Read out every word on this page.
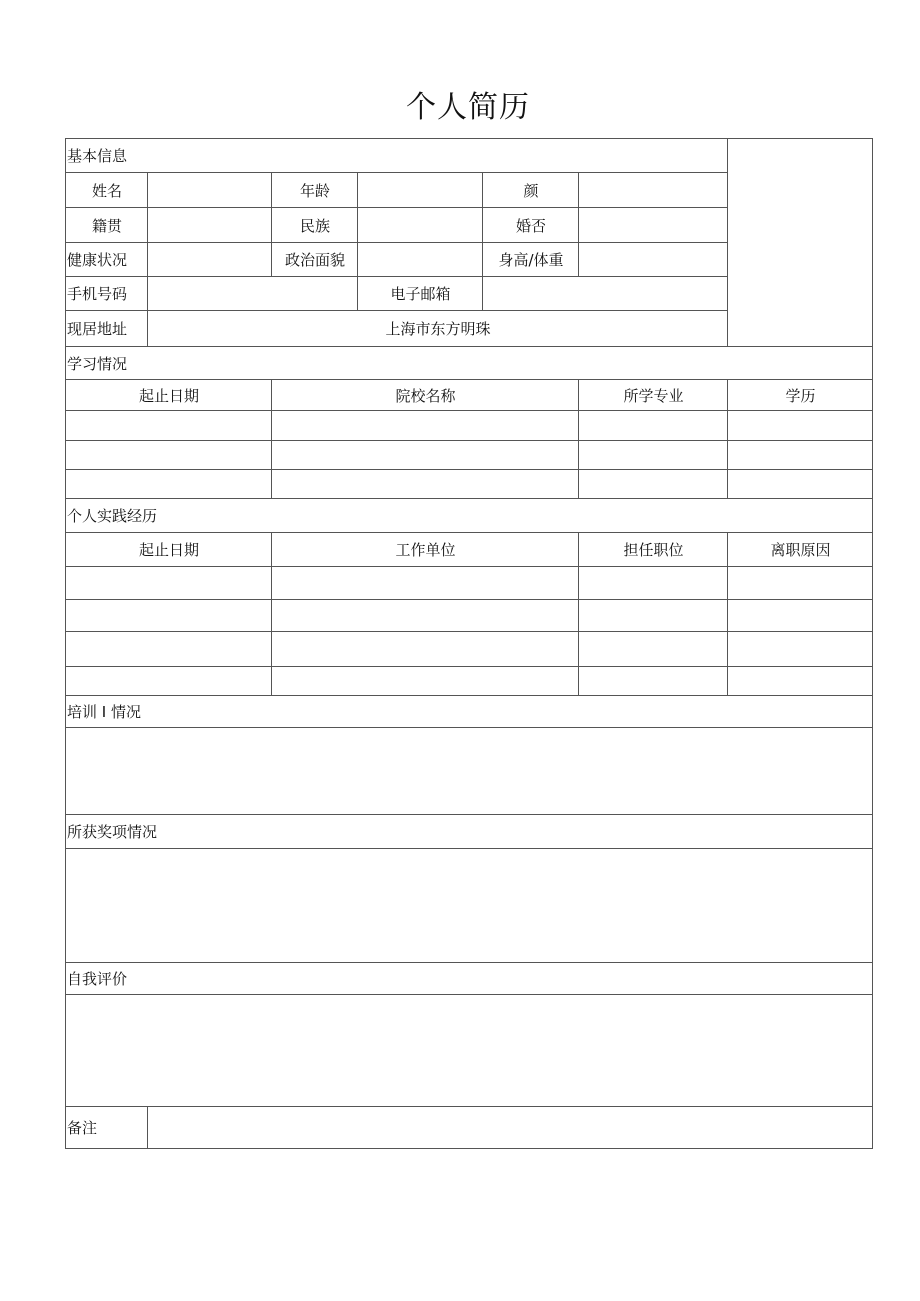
个人简历
基本信息						
姓名		年龄		颜		
籍贯		民族		婚否		
健康状况		政治面貌		身高/体重		
手机号码			电子邮箱			
现居地址	上海市东方明珠					
学习情况						
起止日期		院校名称			所学专业	学历

个人实践经历						
起止日期		工作单位			担任职位	离职原因

培训 I 情况						

所获奖项情况						

自我评价						

备注						
